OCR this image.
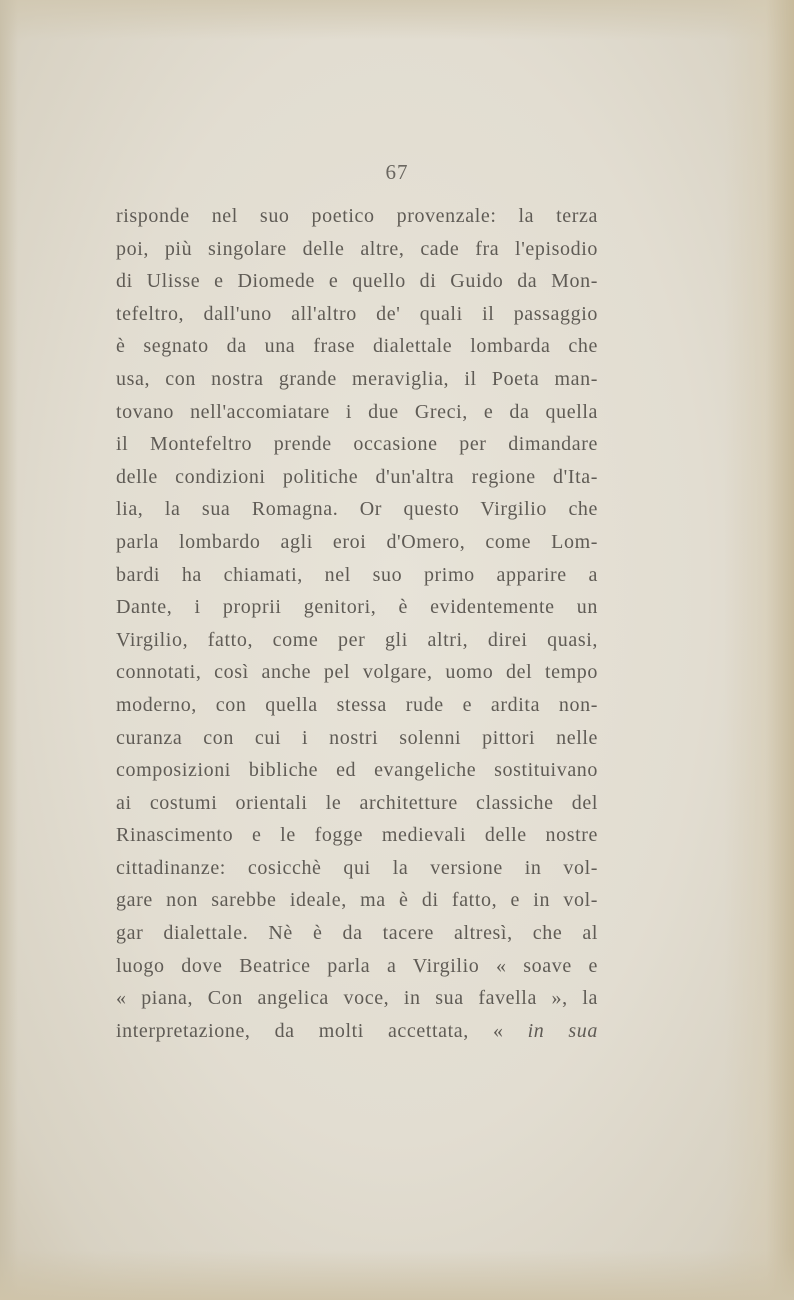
67
risponde nel suo poetico provenzale: la terza
poi, più singolare delle altre, cade fra l'episodio
di Ulisse e Diomede e quello di Guido da Mon-
tefeltro, dall'uno all'altro de' quali il passaggio
è segnato da una frase dialettale lombarda che
usa, con nostra grande meraviglia, il Poeta man-
tovano nell'accomiatare i due Greci, e da quella
il Montefeltro prende occasione per dimandare
delle condizioni politiche d'un'altra regione d'Ita-
lia, la sua Romagna. Or questo Virgilio che
parla lombardo agli eroi d'Omero, come Lom-
bardi ha chiamati, nel suo primo apparire a
Dante, i proprii genitori, è evidentemente un
Virgilio, fatto, come per gli altri, direi quasi,
connotati, così anche pel volgare, uomo del tempo
moderno, con quella stessa rude e ardita non-
curanza con cui i nostri solenni pittori nelle
composizioni bibliche ed evangeliche sostituivano
ai costumi orientali le architetture classiche del
Rinascimento e le fogge medievali delle nostre
cittadinanze: cosicchè qui la versione in vol-
gare non sarebbe ideale, ma è di fatto, e in vol-
gar dialettale. Nè è da tacere altresì, che al
luogo dove Beatrice parla a Virgilio « soave e
« piana, Con angelica voce, in sua favella », la
interpretazione, da molti accettata, « in sua
